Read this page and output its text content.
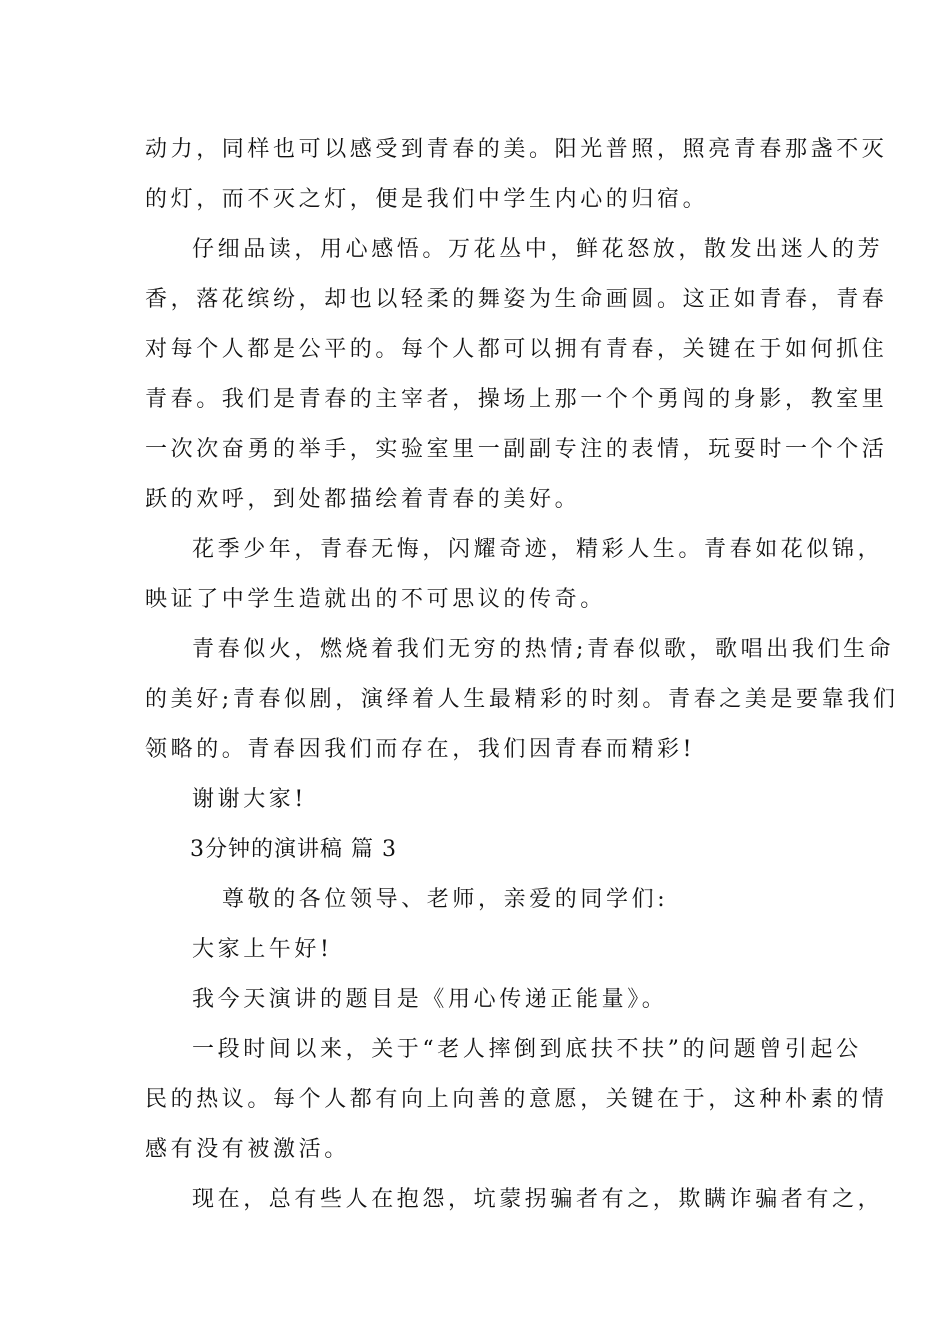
动力，同样也可以感受到青春的美。阳光普照，照亮青春那盏不灭
的灯，而不灭之灯，便是我们中学生内心的归宿。
仔细品读，用心感悟。万花丛中，鲜花怒放，散发出迷人的芳
香，落花缤纷，却也以轻柔的舞姿为生命画圆。这正如青春，青春
对每个人都是公平的。每个人都可以拥有青春，关键在于如何抓住
青春。我们是青春的主宰者，操场上那一个个勇闯的身影，教室里
一次次奋勇的举手，实验室里一副副专注的表情，玩耍时一个个活
跃的欢呼，到处都描绘着青春的美好。
花季少年，青春无悔，闪耀奇迹，精彩人生。青春如花似锦，
映证了中学生造就出的不可思议的传奇。
青春似火，燃烧着我们无穷的热情;青春似歌，歌唱出我们生命
的美好;青春似剧，演绎着人生最精彩的时刻。青春之美是要靠我们
领略的。青春因我们而存在，我们因青春而精彩!
谢谢大家!
3分钟的演讲稿 篇 3
尊敬的各位领导、老师，亲爱的同学们:
大家上午好!
我今天演讲的题目是《用心传递正能量》。
一段时间以来，关于“老人摔倒到底扶不扶”的问题曾引起公
民的热议。每个人都有向上向善的意愿，关键在于，这种朴素的情
感有没有被激活。
现在，总有些人在抱怨，坑蒙拐骗者有之，欺瞒诈骗者有之，
